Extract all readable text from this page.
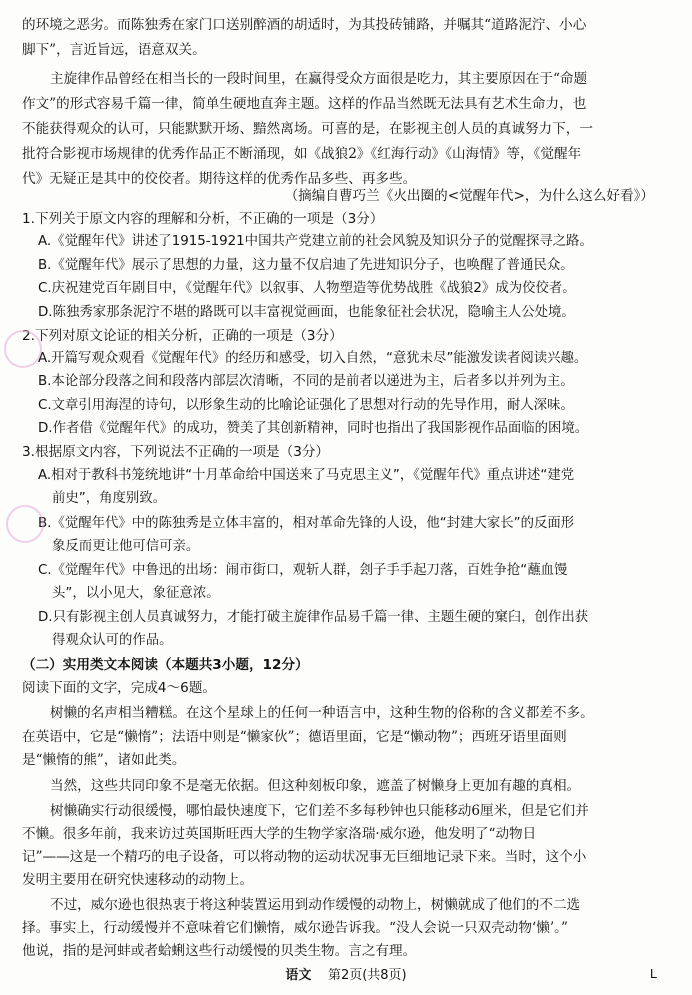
的环境之恶劣。而陈独秀在家门口送别醉酒的胡适时，为其投砖铺路，并嘱其“道路泥泞、小心
脚下”，言近旨远，语意双关。
主旋律作品曾经在相当长的一段时间里，在赢得受众方面很是吃力，其主要原因在于“命题
作文”的形式容易千篇一律，简单生硬地直奔主题。这样的作品当然既无法具有艺术生命力，也
不能获得观众的认可，只能默默开场、黯然离场。可喜的是，在影视主创人员的真诚努力下，一
批符合影视市场规律的优秀作品正不断涌现，如《战狼2》《红海行动》《山海情》等，《觉醒年
代》无疑正是其中的佼佼者。期待这样的优秀作品多些、再多些。
（摘编自曹巧兰《火出圈的<觉醒年代>，为什么这么好看》）
1.下列关于原文内容的理解和分析，不正确的一项是（3分）
A.《觉醒年代》讲述了1915-1921中国共产党建立前的社会风貌及知识分子的觉醒探寻之路。
B.《觉醒年代》展示了思想的力量，这力量不仅启迪了先进知识分子，也唤醒了普通民众。
C.庆祝建党百年剧目中，《觉醒年代》以叙事、人物塑造等优势战胜《战狼2》成为佼佼者。
D.陈独秀家那条泥泞不堪的路既可以丰富视觉画面，也能象征社会状况，隐喻主人公处境。
2.下列对原文论证的相关分析，正确的一项是（3分）
A.开篇写观众观看《觉醒年代》的经历和感受，切入自然，“意犹未尽”能激发读者阅读兴趣。
B.本论部分段落之间和段落内部层次清晰，不同的是前者以递进为主，后者多以并列为主。
C.文章引用海涅的诗句，以形象生动的比喻论证强化了思想对行动的先导作用，耐人深味。
D.作者借《觉醒年代》的成功，赞美了其创新精神，同时也指出了我国影视作品面临的困境。
3.根据原文内容，下列说法不正确的一项是（3分）
A.相对于教科书笼统地讲“十月革命给中国送来了马克思主义”，《觉醒年代》重点讲述“建党
前史”，角度别致。
B.《觉醒年代》中的陈独秀是立体丰富的，相对革命先锋的人设，他“封建大家长”的反面形
象反而更让他可信可亲。
C.《觉醒年代》中鲁迅的出场：闹市街口，观斩人群，刽子手手起刀落，百姓争抢“蘸血馒
头”，以小见大，象征意浓。
D.只有影视主创人员真诚努力，才能打破主旋律作品易千篇一律、主题生硬的窠臼，创作出获
得观众认可的作品。
（二）实用类文本阅读（本题共3小题，12分）
阅读下面的文字，完成4～6题。
树懒的名声相当糟糕。在这个星球上的任何一种语言中，这种生物的俗称的含义都差不多。
在英语中，它是“懒惰”；法语中则是“懒家伙”；德语里面，它是“懒动物”；西班牙语里面则
是“懒惰的熊”，诸如此类。
当然，这些共同印象不是毫无依据。但这种刻板印象，遮盖了树懒身上更加有趣的真相。
树懒确实行动很缓慢，哪怕最快速度下，它们差不多每秒钟也只能移动6厘米，但是它们并
不懒。很多年前，我来访过英国斯旺西大学的生物学家洛瑞·威尔逊，他发明了“动物日
记”——这是一个精巧的电子设备，可以将动物的运动状况事无巨细地记录下来。当时，这个小
发明主要用在研究快速移动的动物上。
不过，威尔逊也很热衷于将这种装置运用到动作缓慢的动物上，树懒就成了他们的不二选
择。事实上，行动缓慢并不意味着它们懒惰，威尔逊告诉我。“没人会说一只双壳动物‘懒’。”
语文 第2页(共8页)	L
他说，指的是河蚌或者蛤蜊这些行动缓慢的贝类生物。言之有理。
